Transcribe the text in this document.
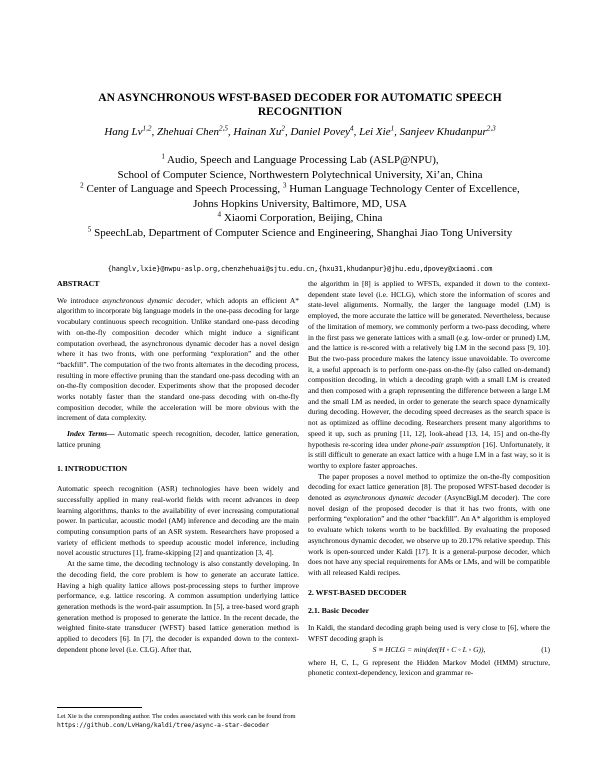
AN ASYNCHRONOUS WFST-BASED DECODER FOR AUTOMATIC SPEECH RECOGNITION
Hang Lv$^{1,2}$, Zhehuai Chen$^{2,5}$, Hainan Xu$^2$, Daniel Povey$^4$, Lei Xie$^1$, Sanjeev Khudanpur$^{2,3}$

$^1$ Audio, Speech and Language Processing Lab (ASLP@NPU),

School of Computer Science, Northwestern Polytechnical University, Xi’an, China

$^2$ Center of Language and Speech Processing, $^3$ Human Language Technology Center of Excellence,

Johns Hopkins University, Baltimore, MD, USA

$^4$ Xiaomi Corporation, Beijing, China

$^5$ SpeechLab, Department of Computer Science and Engineering, Shanghai Jiao Tong University

{hanglv,lxie}@nwpu-aslp.org,chenzhehuai@sjtu.edu.cn,{hxu31,khudanpur}@jhu.edu,dpovey@xiaomi.com

ABSTRACT

We introduce asynchronous dynamic decoder, which adopts an efficient A* algorithm to incorporate big language models in the one-pass decoding for large vocabulary continuous speech recognition. Unlike standard one-pass decoding with on-the-fly composition decoder which might induce a significant computation overhead, the asynchronous dynamic decoder has a novel design where it has two fronts, with one performing “exploration” and the other “backfill”. The computation of the two fronts alternates in the decoding process, resulting in more effective pruning than the standard one-pass decoding with an on-the-fly composition decoder. Experiments show that the proposed decoder works notably faster than the standard one-pass decoding with on-the-fly composition decoder, while the acceleration will be more obvious with the increment of data complexity.

Index Terms— Automatic speech recognition, decoder, lattice generation, lattice pruning

1. INTRODUCTION

Automatic speech recognition (ASR) technologies have been widely and successfully applied in many real-world fields with recent advances in deep learning algorithms, thanks to the availability of ever increasing computational power. In particular, acoustic model (AM) inference and decoding are the main computing consumption parts of an ASR system. Researchers have proposed a variety of efficient methods to speedup acoustic model inference, including novel acoustic structures [1], frame-skipping [2] and quantization [3, 4].

At the same time, the decoding technology is also constantly developing. In the decoding field, the core problem is how to generate an accurate lattice. Having a high quality lattice allows post-processing steps to further improve performance, e.g. lattice rescoring. A common assumption underlying lattice generation methods is the word-pair assumption. In [5], a tree-based word graph generation method is proposed to generate the lattice. In the recent decade, the weighted finite-state transducer (WFST) based lattice generation method is applied to decoders [6]. In [7], the decoder is expanded down to the context-dependent phone level (i.e. CLG). After that,

the algorithm in [8] is applied to WFSTs, expanded it down to the context-dependent state level (i.e. HCLG), which store the information of scores and state-level alignments. Normally, the larger the language model (LM) is employed, the more accurate the lattice will be generated. Nevertheless, because of the limitation of memory, we commonly perform a two-pass decoding, where in the first pass we generate lattices with a small (e.g. low-order or pruned) LM, and the lattice is re-scored with a relatively big LM in the second pass [9, 10]. But the two-pass procedure makes the latency issue unavoidable. To overcome it, a useful approach is to perform one-pass on-the-fly (also called on-demand) composition decoding, in which a decoding graph with a small LM is created and then composed with a graph representing the difference between a large LM and the small LM as needed, in order to generate the search space dynamically during decoding. However, the decoding speed decreases as the search space is not as optimized as offline decoding. Researchers present many algorithms to speed it up, such as pruning [11, 12], look-ahead [13, 14, 15] and on-the-fly hypothesis re-scoring idea under phone-pair assumption [16]. Unfortunately, it is still difficult to generate an exact lattice with a huge LM in a fast way, so it is worthy to explore faster approaches.

The paper proposes a novel method to optimize the on-the-fly composition decoding for exact lattice generation [8]. The proposed WFST-based decoder is denoted as asynchronous dynamic decoder (AsyncBigLM decoder). The core novel design of the proposed decoder is that it has two fronts, with one performing “exploration” and the other “backfill”. An A* algorithm is employed to evaluate which tokens worth to be backfilled. By evaluating the proposed asynchronous dynamic decoder, we observe up to 20.17% relative speedup. This work is open-sourced under Kaldi [17]. It is a general-purpose decoder, which does not have any special requirements for AMs or LMs, and will be compatible with all released Kaldi recipes.

2. WFST-BASED DECODER

2.1. Basic Decoder

In Kaldi, the standard decoding graph being used is very close to [6], where the WFST decoding graph is

S ≡ HCLG = min(det(H ◦ C ◦ L ◦ G)),	(1)

where H, C, L, G represent the Hidden Markov Model (HMM) structure, phonetic context-dependency, lexicon and grammar re-

Lei Xie is the corresponding author. The codes associated with this work can be found from https://github.com/LvHang/kaldi/tree/async-a-star-decoder
